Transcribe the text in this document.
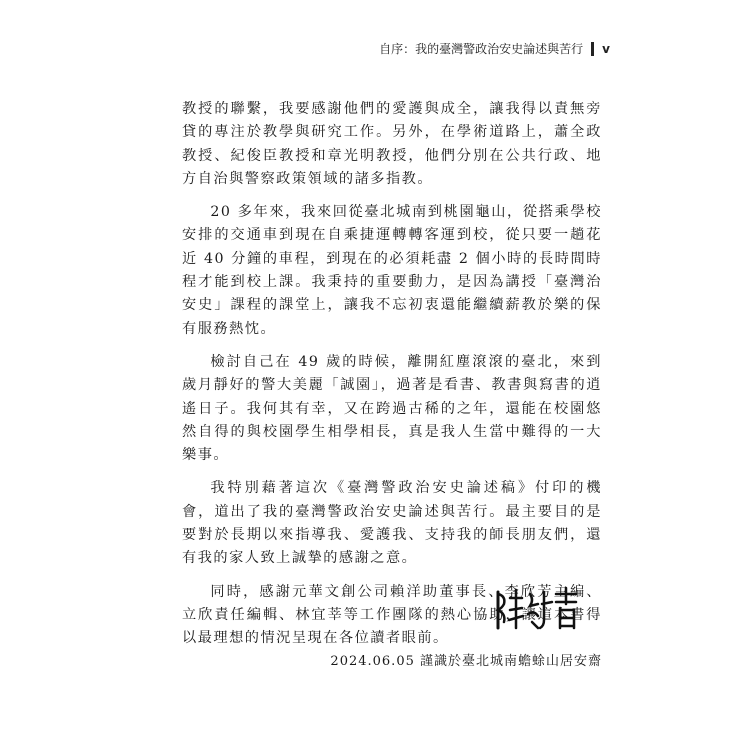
自序：我的臺灣警政治安史論述與苦行 v

教授的聯繫，我要感謝他們的愛護與成全，讓我得以責無旁貸的專注於教學與研究工作。另外，在學術道路上，蕭全政教授、紀俊臣教授和章光明教授，他們分別在公共行政、地方自治與警察政策領域的諸多指教。

20 多年來，我來回從臺北城南到桃園龜山，從搭乘學校安排的交通車到現在自乘捷運轉轉客運到校，從只要一趟花近 40 分鐘的車程，到現在的必須耗盡 2 個小時的長時間時程才能到校上課。我秉持的重要動力，是因為講授「臺灣治安史」課程的課堂上，讓我不忘初衷還能繼續薪教於樂的保有服務熱忱。

檢討自己在 49 歲的時候，離開紅塵滾滾的臺北，來到歲月靜好的警大美麗「誠園」，過著是看書、教書與寫書的逍遙日子。我何其有幸，又在跨過古稀的之年，還能在校園悠然自得的與校園學生相學相長，真是我人生當中難得的一大樂事。

我特別藉著這次《臺灣警政治安史論述稿》付印的機會，道出了我的臺灣警政治安史論述與苦行。最主要目的是要對於長期以來指導我、愛護我、支持我的師長朋友們，還有我的家人致上誠摯的感謝之意。

同時，感謝元華文創公司賴洋助董事長、李欣芳主編、立欣責任編輯、林宜莘等工作團隊的熱心協助，讓這本書得以最理想的情況呈現在各位讀者眼前。

2024.06.05 謹識於臺北城南蟾蜍山居安齋
